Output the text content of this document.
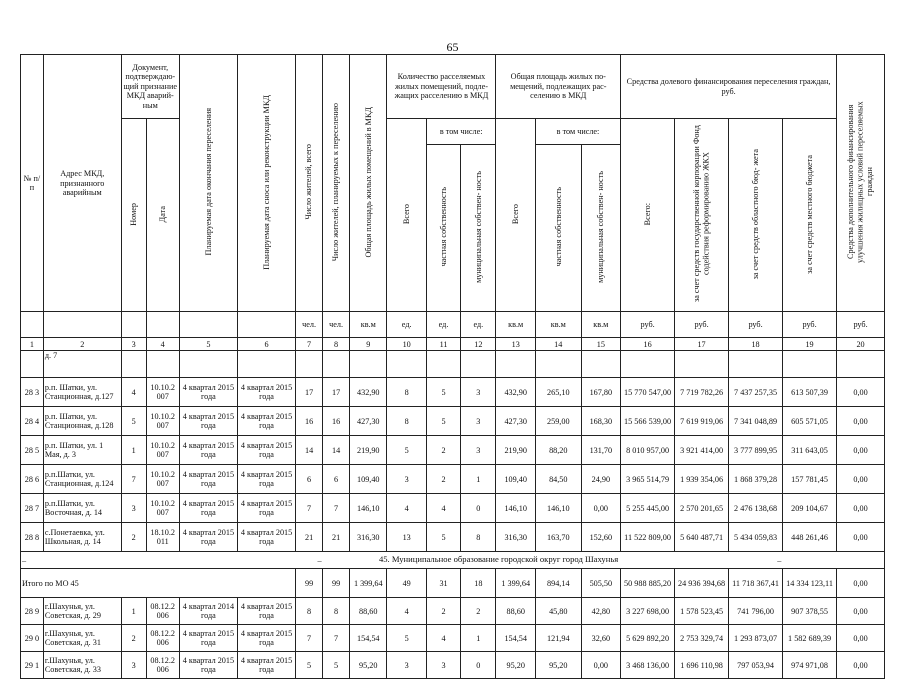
65
№ п/ п	Адрес МКД, признанного аварийным	Документ, подтверждаю- щий признание МКД аварий- ным		Планируемая дата окончания переселения	Планируемая дата сноса или реконструкции МКД	Число жителей, всего	Число жителей, планируемых к переселению	Общая площадь жилых помещений в МКД	Количество расселяемых жилых помещений, подле- жащих расселению в МКД			Общая площадь жилых по- мещений, подлежащих рас- селению в МКД			Средства долевого финансирования переселения граждан, руб.				Средства дополнительного финансирования улучшения жилищных условий переселяемых граждан
		Номер	Дата						Всего	в том числе:		Всего	в том числе:		Всего:	за счет средств государственной корпорации Фонд содействия реформированию ЖКХ	за счет средств областного бюд- жета	за счет средств местного бюджета	
										частная собственность	муниципальная собствен- ность		частная собственность	муниципальная собствен- ность					
						чел.	чел.	кв.м	ед.	ед.	ед.	кв.м	кв.м	кв.м	руб.	руб.	руб.	руб.	руб.
1	2	3	4	5	6	7	8	9	10	11	12	13	14	15	16	17	18	19	20
	д. 7																		
28 3	р.п. Шатки, ул. Станционная, д.127	4	10.10.2 007	4 квартал 2015 года	4 квартал 2015 года	17	17	432,90	8	5	3	432,90	265,10	167,80	15 770 547,00	7 719 782,26	7 437 257,35	613 507,39	0,00
28 4	р.п. Шатки, ул. Станционная, д.128	5	10.10.2 007	4 квартал 2015 года	4 квартал 2015 года	16	16	427,30	8	5	3	427,30	259,00	168,30	15 566 539,00	7 619 919,06	7 341 048,89	605 571,05	0,00
28 5	р.п. Шатки, ул. 1 Мая, д. 3	1	10.10.2 007	4 квартал 2015 года	4 квартал 2015 года	14	14	219,90	5	2	3	219,90	88,20	131,70	8 010 957,00	3 921 414,00	3 777 899,95	311 643,05	0,00
28 6	р.п.Шатки, ул. Станционная, д.124	7	10.10.2 007	4 квартал 2015 года	4 квартал 2015 года	6	6	109,40	3	2	1	109,40	84,50	24,90	3 965 514,79	1 939 354,06	1 868 379,28	157 781,45	0,00
28 7	р.п.Шатки, ул. Восточная, д. 14	3	10.10.2 007	4 квартал 2015 года	4 квартал 2015 года	7	7	146,10	4	4	0	146,10	146,10	0,00	5 255 445,00	2 570 201,65	2 476 138,68	209 104,67	0,00
28 8	с.Понетаевка, ул. Школьная, д. 14	2	18.10.2 011	4 квартал 2015 года	4 квартал 2015 года	21	21	316,30	13	5	8	316,30	163,70	152,60	11 522 809,00	5 640 487,71	5 434 059,83	448 261,46	0,00
–		–					45. Муниципальное образование городской округ город Шахунья									–			
Итого по МО 45						99	99	1 399,64	49	31	18	1 399,64	894,14	505,50	50 988 885,20	24 936 394,68	11 718 367,41	14 334 123,11	0,00
28 9	г.Шахунья, ул. Советская, д. 29	1	08.12.2 006	4 квартал 2014 года	4 квартал 2015 года	8	8	88,60	4	2	2	88,60	45,80	42,80	3 227 698,00	1 578 523,45	741 796,00	907 378,55	0,00
29 0	г.Шахунья, ул. Советская, д. 31	2	08.12.2 006	4 квартал 2015 года	4 квартал 2015 года	7	7	154,54	5	4	1	154,54	121,94	32,60	5 629 892,20	2 753 329,74	1 293 873,07	1 582 689,39	0,00
29 1	г.Шахунья, ул. Советская, д. 33	3	08.12.2 006	4 квартал 2015 года	4 квартал 2015 года	5	5	95,20	3	3	0	95,20	95,20	0,00	3 468 136,00	1 696 110,98	797 053,94	974 971,08	0,00
